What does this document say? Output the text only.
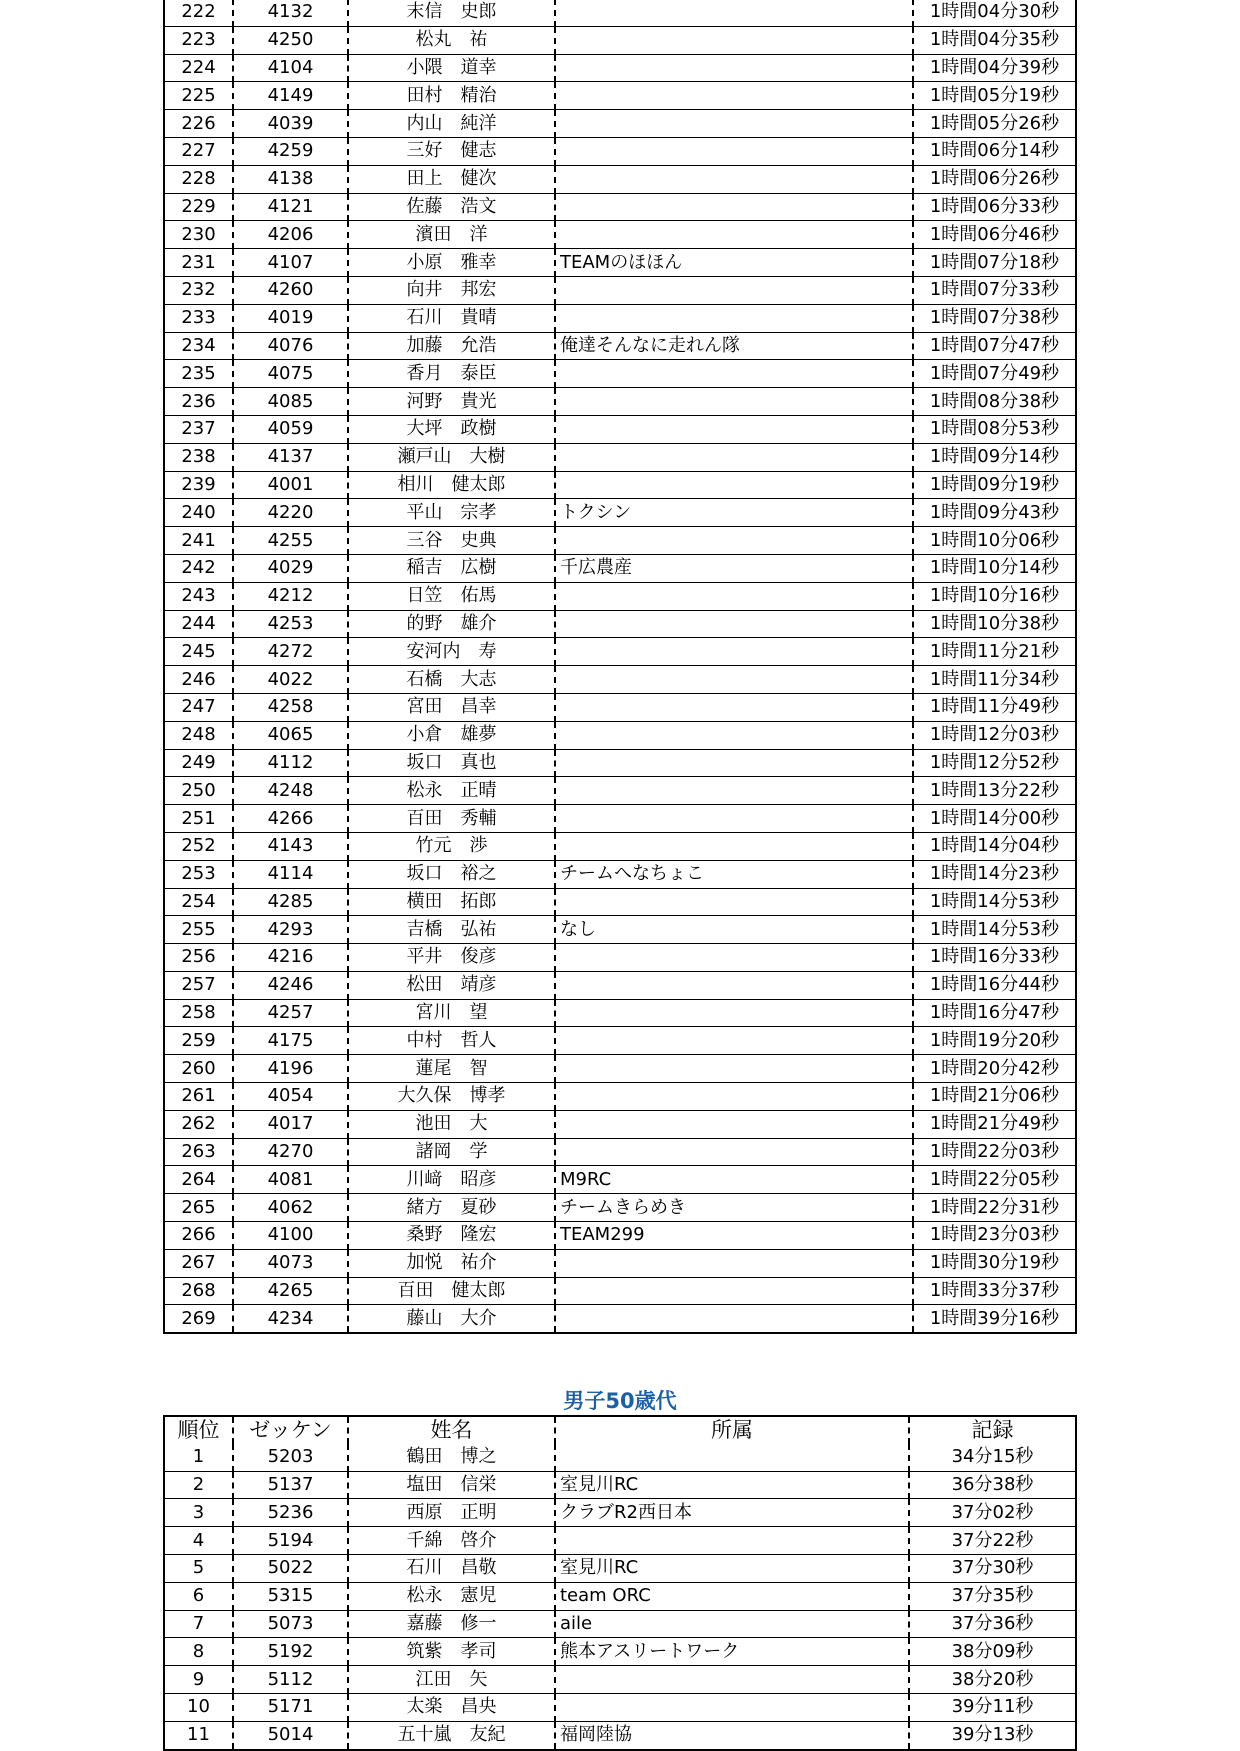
222	4132	末信　史郎		1時間04分30秒
223	4250	松丸　祐		1時間04分35秒
224	4104	小隈　道幸		1時間04分39秒
225	4149	田村　精治		1時間05分19秒
226	4039	内山　純洋		1時間05分26秒
227	4259	三好　健志		1時間06分14秒
228	4138	田上　健次		1時間06分26秒
229	4121	佐藤　浩文		1時間06分33秒
230	4206	濱田　洋		1時間06分46秒
231	4107	小原　雅幸	TEAMのほほん	1時間07分18秒
232	4260	向井　邦宏		1時間07分33秒
233	4019	石川　貴晴		1時間07分38秒
234	4076	加藤　允浩	俺達そんなに走れん隊	1時間07分47秒
235	4075	香月　泰臣		1時間07分49秒
236	4085	河野　貴光		1時間08分38秒
237	4059	大坪　政樹		1時間08分53秒
238	4137	瀬戸山　大樹		1時間09分14秒
239	4001	相川　健太郎		1時間09分19秒
240	4220	平山　宗孝	トクシン	1時間09分43秒
241	4255	三谷　史典		1時間10分06秒
242	4029	稲吉　広樹	千広農産	1時間10分14秒
243	4212	日笠　佑馬		1時間10分16秒
244	4253	的野　雄介		1時間10分38秒
245	4272	安河内　寿		1時間11分21秒
246	4022	石橋　大志		1時間11分34秒
247	4258	宮田　昌幸		1時間11分49秒
248	4065	小倉　雄夢		1時間12分03秒
249	4112	坂口　真也		1時間12分52秒
250	4248	松永　正晴		1時間13分22秒
251	4266	百田　秀輔		1時間14分00秒
252	4143	竹元　渉		1時間14分04秒
253	4114	坂口　裕之	チームへなちょこ	1時間14分23秒
254	4285	横田　拓郎		1時間14分53秒
255	4293	吉橋　弘祐	なし	1時間14分53秒
256	4216	平井　俊彦		1時間16分33秒
257	4246	松田　靖彦		1時間16分44秒
258	4257	宮川　望		1時間16分47秒
259	4175	中村　哲人		1時間19分20秒
260	4196	蓮尾　智		1時間20分42秒
261	4054	大久保　博孝		1時間21分06秒
262	4017	池田　大		1時間21分49秒
263	4270	諸岡　学		1時間22分03秒
264	4081	川﨑　昭彦	M9RC	1時間22分05秒
265	4062	緒方　夏砂	チームきらめき	1時間22分31秒
266	4100	桑野　隆宏	TEAM299	1時間23分03秒
267	4073	加悦　祐介		1時間30分19秒
268	4265	百田　健太郎		1時間33分37秒
269	4234	藤山　大介		1時間39分16秒
男子50歳代
順位	ゼッケン	姓名	所属	記録
1	5203	鶴田　博之		34分15秒
2	5137	塩田　信栄	室見川RC	36分38秒
3	5236	西原　正明	クラブR2西日本	37分02秒
4	5194	千綿　啓介		37分22秒
5	5022	石川　昌敬	室見川RC	37分30秒
6	5315	松永　憲児	team ORC	37分35秒
7	5073	嘉藤　修一	aile	37分36秒
8	5192	筑紫　孝司	熊本アスリートワーク	38分09秒
9	5112	江田　矢		38分20秒
10	5171	太楽　昌央		39分11秒
11	5014	五十嵐　友紀	福岡陸協	39分13秒
